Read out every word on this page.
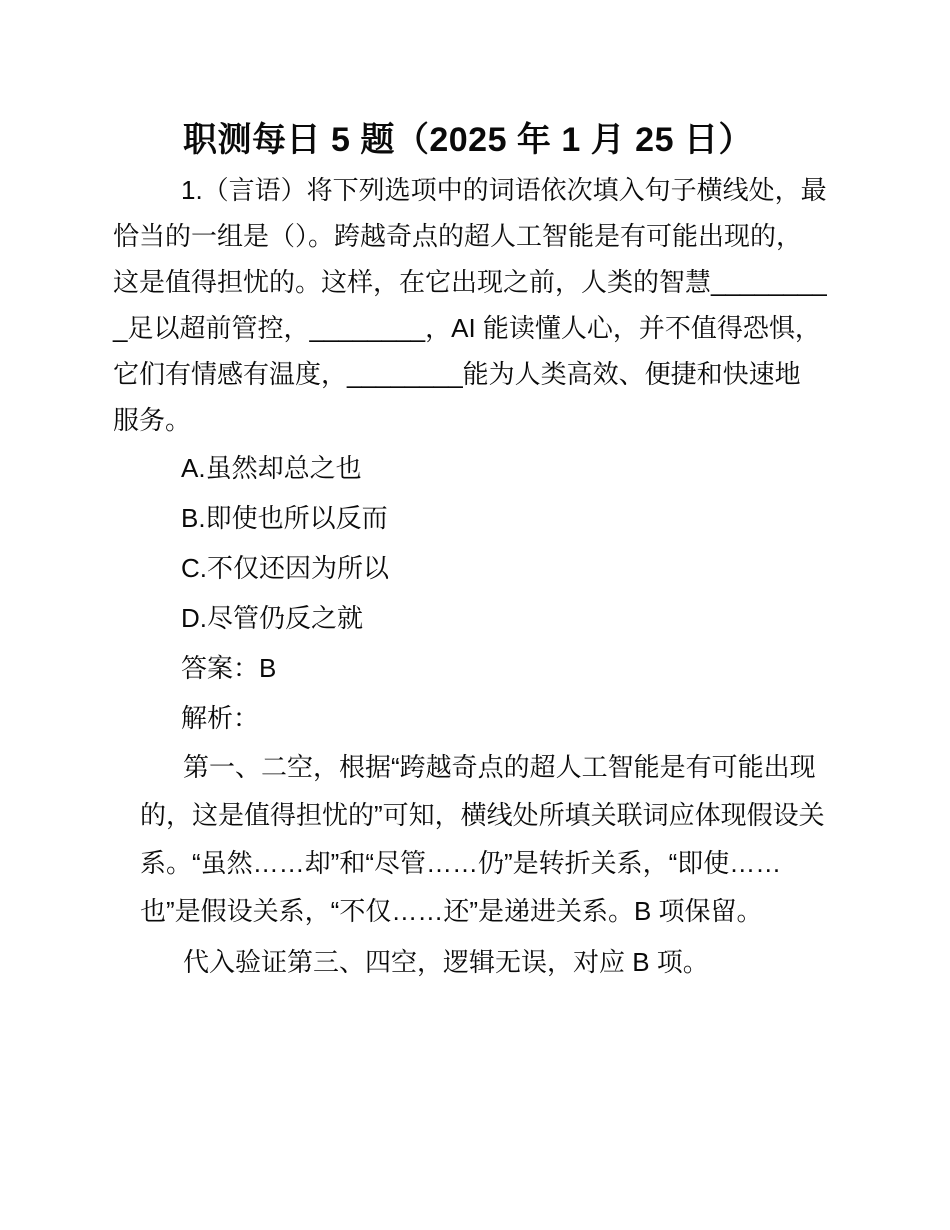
职测每日 5 题（2025 年 1 月 25 日）
1.（言语）将下列选项中的词语依次填入句子横线处，最
恰当的一组是（）。跨越奇点的超人工智能是有可能出现的，
这是值得担忧的。这样，在它出现之前，人类的智慧________
_足以超前管控，________，AI 能读懂人心，并不值得恐惧，
它们有情感有温度，________能为人类高效、便捷和快速地
服务。
A.虽然却总之也
B.即使也所以反而
C.不仅还因为所以
D.尽管仍反之就
答案：B
解析：
第一、二空，根据“跨越奇点的超人工智能是有可能出现
的，这是值得担忧的”可知，横线处所填关联词应体现假设关
系。“虽然……却”和“尽管……仍”是转折关系，“即使……
也”是假设关系，“不仅……还”是递进关系。B 项保留。
代入验证第三、四空，逻辑无误，对应 B 项。
